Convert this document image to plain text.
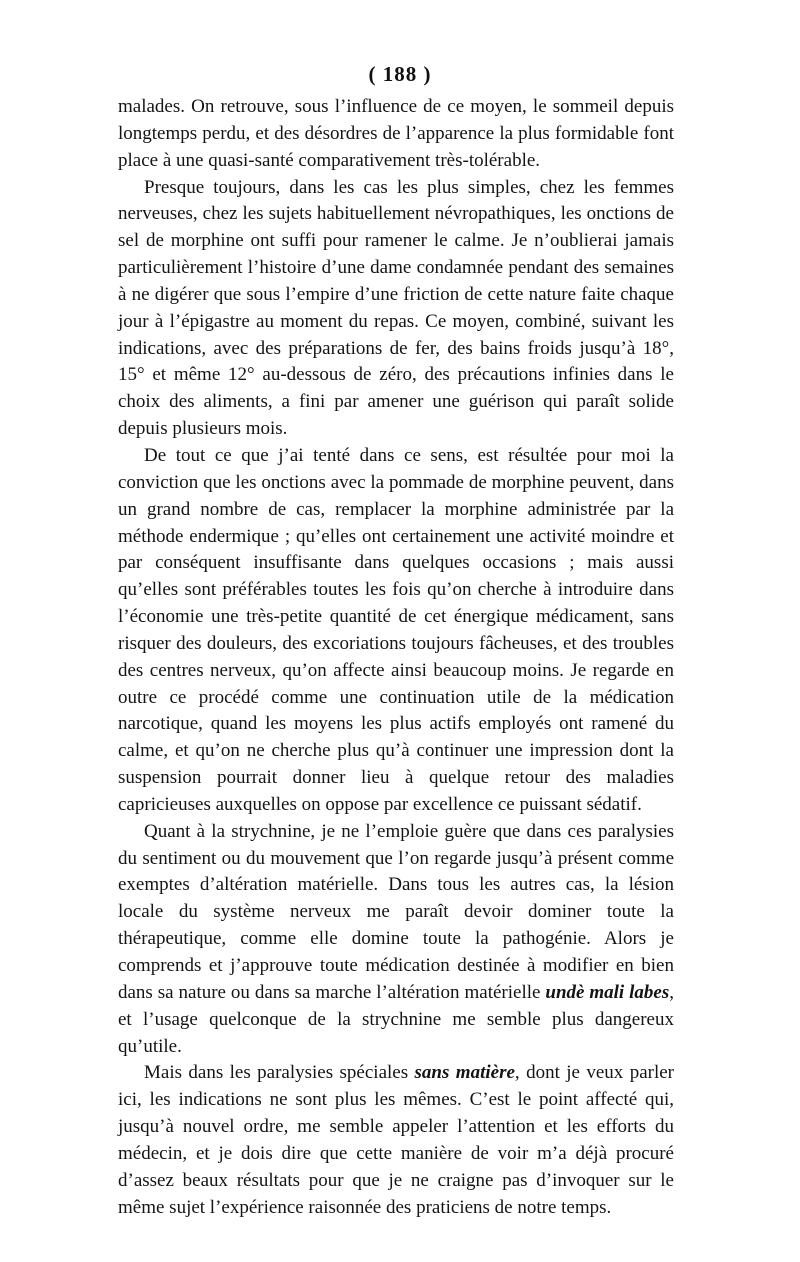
( 188 )

malades. On retrouve, sous l’influence de ce moyen, le sommeil depuis longtemps perdu, et des désordres de l’apparence la plus formidable font place à une quasi-santé comparativement très-tolérable.

Presque toujours, dans les cas les plus simples, chez les femmes nerveuses, chez les sujets habituellement névropathiques, les onctions de sel de morphine ont suffi pour ramener le calme. Je n’oublierai jamais particulièrement l’histoire d’une dame condamnée pendant des semaines à ne digérer que sous l’empire d’une friction de cette nature faite chaque jour à l’épigastre au moment du repas. Ce moyen, combiné, suivant les indications, avec des préparations de fer, des bains froids jusqu’à 18°, 15° et même 12° au-dessous de zéro, des précautions infinies dans le choix des aliments, a fini par amener une guérison qui paraît solide depuis plusieurs mois.

De tout ce que j’ai tenté dans ce sens, est résultée pour moi la conviction que les onctions avec la pommade de morphine peuvent, dans un grand nombre de cas, remplacer la morphine administrée par la méthode endermique ; qu’elles ont certainement une activité moindre et par conséquent insuffisante dans quelques occasions ; mais aussi qu’elles sont préférables toutes les fois qu’on cherche à introduire dans l’économie une très-petite quantité de cet énergique médicament, sans risquer des douleurs, des excoriations toujours fâcheuses, et des troubles des centres nerveux, qu’on affecte ainsi beaucoup moins. Je regarde en outre ce procédé comme une continuation utile de la médication narcotique, quand les moyens les plus actifs employés ont ramené du calme, et qu’on ne cherche plus qu’à continuer une impression dont la suspension pourrait donner lieu à quelque retour des maladies capricieuses auxquelles on oppose par excellence ce puissant sédatif.

Quant à la strychnine, je ne l’emploie guère que dans ces paralysies du sentiment ou du mouvement que l’on regarde jusqu’à présent comme exemptes d’altération matérielle. Dans tous les autres cas, la lésion locale du système nerveux me paraît devoir dominer toute la thérapeutique, comme elle domine toute la pathogénie. Alors je comprends et j’approuve toute médication destinée à modifier en bien dans sa nature ou dans sa marche l’altération matérielle undè mali labes, et l’usage quelconque de la strychnine me semble plus dangereux qu’utile.

Mais dans les paralysies spéciales sans matière, dont je veux parler ici, les indications ne sont plus les mêmes. C’est le point affecté qui, jusqu’à nouvel ordre, me semble appeler l’attention et les efforts du médecin, et je dois dire que cette manière de voir m’a déjà procuré d’assez beaux résultats pour que je ne craigne pas d’invoquer sur le même sujet l’expérience raisonnée des praticiens de notre temps.
